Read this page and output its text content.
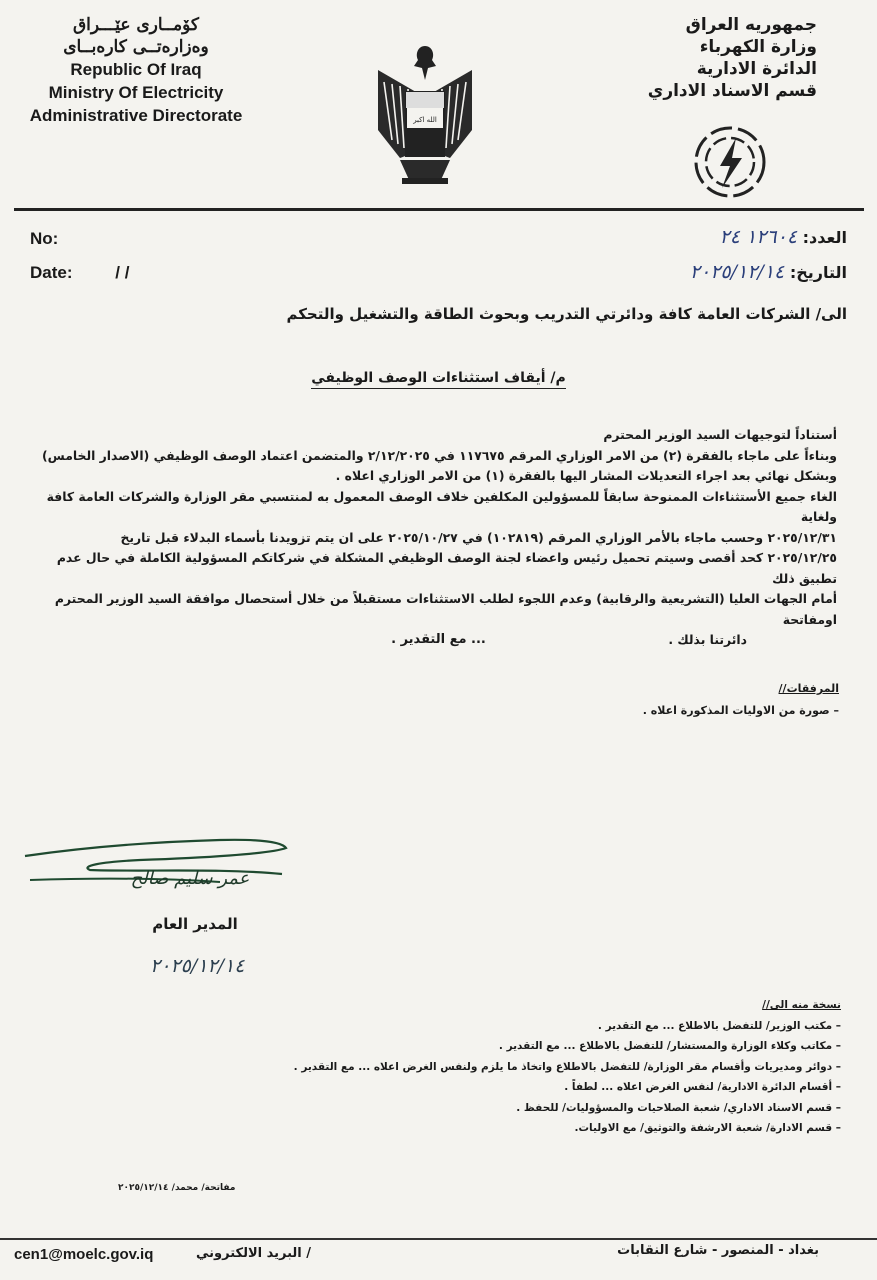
كۆمــارى عێـــراق
وەزارەتــى كارەبــاى
Republic Of Iraq
Ministry Of Electricity
Administrative Directorate	الله اكبر
جمهوريه العراق
وزارة الكهرباء
الدائرة الادارية
قسم الاسناد الاداري
No:
Date:	/ /
العدد: ١٢٦٠٤ ٢٤
التاريخ: ٢٠٢٥/١٢/١٤
الى/ الشركات العامة كافة ودائرتي التدريب وبحوث الطاقة والتشغيل والتحكم
م/ أيقاف استثناءات الوصف الوظيفي

أستناداً لتوجيهات السيد الوزير المحترم

وبناءاً على ماجاء بالفقرة (٢) من الامر الوزاري المرقم ١١٧٦٧٥ في ٢/١٢/٢٠٢٥ والمتضمن اعتماد الوصف الوظيفي (الاصدار الخامس)

وبشكل نهائي بعد اجراء التعديلات المشار اليها بالفقرة (١) من الامر الوزاري اعلاه .

الغاء جميع الأستثناءات الممنوحة سابقاً للمسؤولين المكلفين خلاف الوصف المعمول به لمنتسبي مقر الوزارة والشركات العامة كافة ولغاية

٢٠٢٥/١٢/٣١ وحسب ماجاء بالأمر الوزاري المرقم (١٠٢٨١٩) في ٢٠٢٥/١٠/٢٧ على ان يتم تزويدنا بأسماء البدلاء قبل تاريخ

٢٠٢٥/١٢/٢٥ كحد أقصى وسيتم تحميل رئيس واعضاء لجنة الوصف الوظيفي المشكلة في شركاتكم المسؤولية الكاملة في حال عدم تطبيق ذلك

أمام الجهات العليا (التشريعية والرقابية) وعدم اللجوء لطلب الاستثناءات مستقبلاً من خلال أستحصال موافقة السيد الوزير المحترم اومفاتحة

دائرتنا بذلك .

... مع التقدير .
المرفقات//
– صورة من الاوليات المذكورة اعلاه .
عمر سليم صالح
المدير العام
٢٠٢٥/١٢/١٤
نسخة منه الى//
– مكتب الوزير/ للتفضل بالاطلاع ... مع التقدير .
– مكاتب وكلاء الوزارة والمستشار/ للتفضل بالاطلاع ... مع التقدير .
– دوائر ومديريات وأقسام مقر الوزارة/ للتفضل بالاطلاع واتخاذ ما يلزم ولنفس الغرض اعلاه ... مع التقدير .
– أقسام الدائرة الادارية/ لنفس الغرض اعلاه ... لطفاً .
– قسم الاسناد الاداري/ شعبة الصلاحيات والمسؤوليات/ للحفظ .
– قسم الادارة/ شعبة الارشفة والتوثيق/ مع الاوليات.
مفاتحة/ محمد/ ٢٠٢٥/١٢/١٤
cen1@moelc.gov.iq	/ البريد الالكتروني	بغداد - المنصور - شارع النقابات
